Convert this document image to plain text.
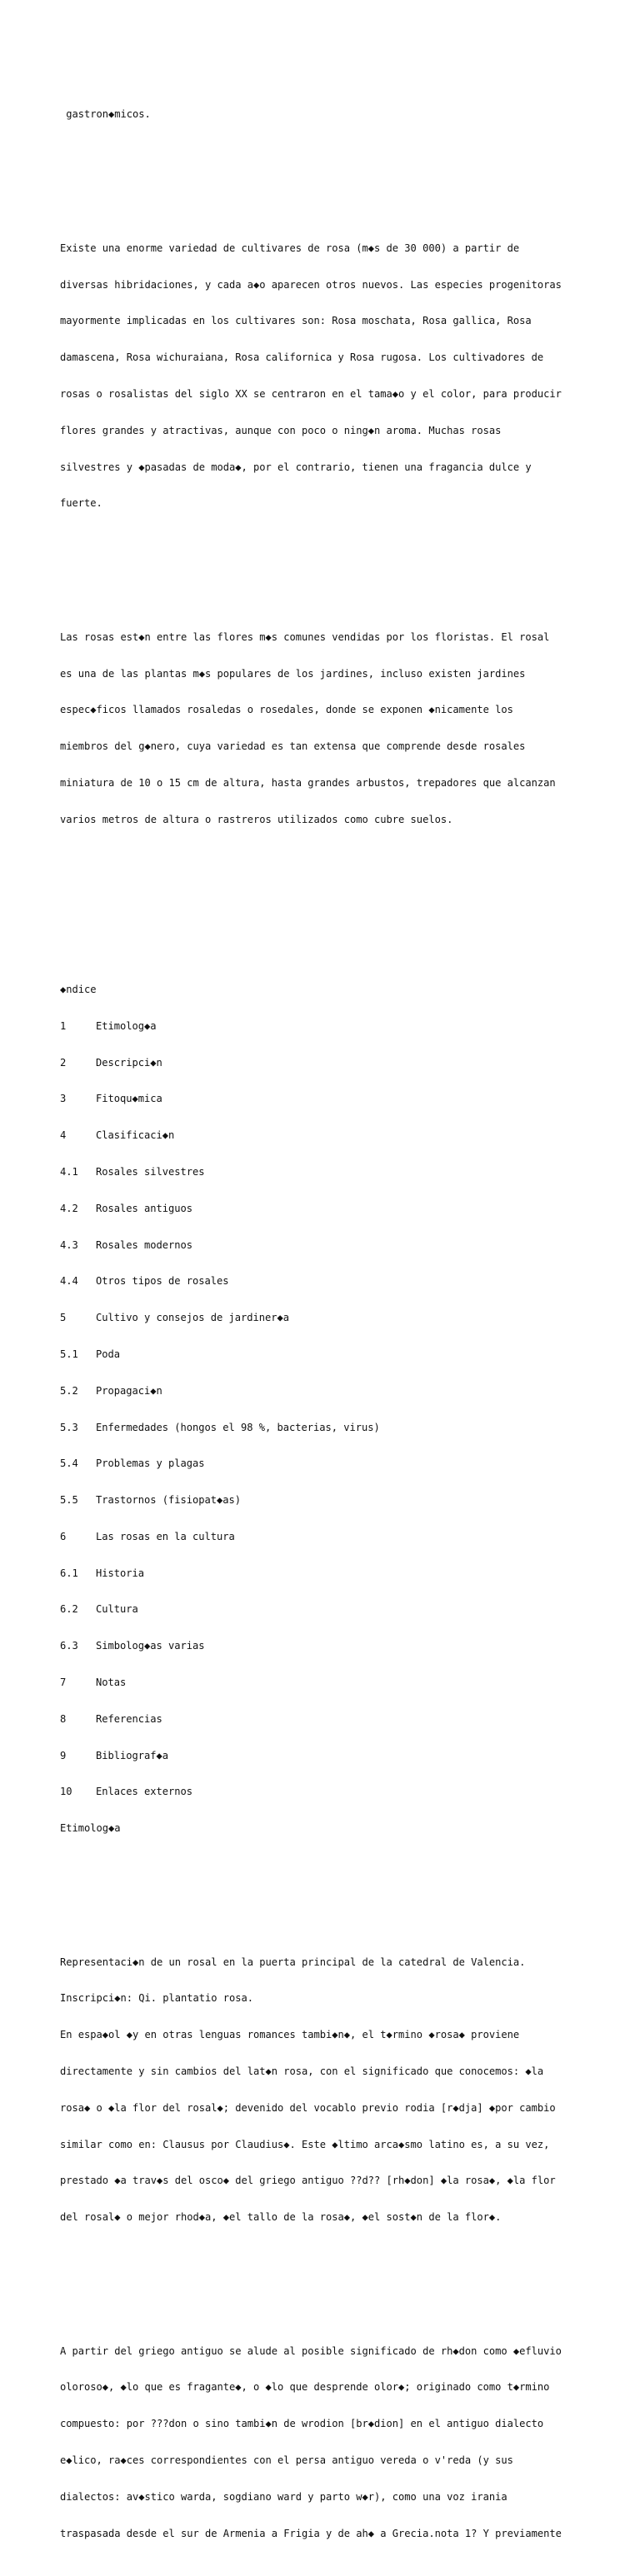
gastron◆micos.

Existe una enorme variedad de cultivares de rosa (m◆s de 30 000) a partir de

diversas hibridaciones, y cada a◆o aparecen otros nuevos. Las especies progenitoras

mayormente implicadas en los cultivares son: Rosa moschata, Rosa gallica, Rosa

damascena, Rosa wichuraiana, Rosa californica y Rosa rugosa. Los cultivadores de

rosas o rosalistas del siglo XX se centraron en el tama◆o y el color, para producir

flores grandes y atractivas, aunque con poco o ning◆n aroma. Muchas rosas

silvestres y ◆pasadas de moda◆, por el contrario, tienen una fragancia dulce y

fuerte.

Las rosas est◆n entre las flores m◆s comunes vendidas por los floristas. El rosal

es una de las plantas m◆s populares de los jardines, incluso existen jardines

espec◆ficos llamados rosaledas o rosedales, donde se exponen ◆nicamente los

miembros del g◆nero, cuya variedad es tan extensa que comprende desde rosales

miniatura de 10 o 15 cm de altura, hasta grandes arbustos, trepadores que alcanzan

varios metros de altura o rastreros utilizados como cubre suelos.

◆ndice

1	Etimolog◆a

2	Descripci◆n

3	Fitoqu◆mica

4	Clasificaci◆n

4.1 Rosales silvestres

4.2 Rosales antiguos

4.3 Rosales modernos

4.4 Otros tipos de rosales

5	Cultivo y consejos de jardiner◆a

5.1 Poda

5.2 Propagaci◆n

5.3 Enfermedades (hongos el 98 %, bacterias, virus)

5.4 Problemas y plagas

5.5 Trastornos (fisiopat◆as)

6	Las rosas en la cultura

6.1 Historia

6.2 Cultura

6.3 Simbolog◆as varias

7	Notas

8	Referencias

9	Bibliograf◆a

10 Enlaces externos

Etimolog◆a

Representaci◆n de un rosal en la puerta principal de la catedral de Valencia.

Inscripci◆n: Qi. plantatio rosa.

En espa◆ol ◆y en otras lenguas romances tambi◆n◆, el t◆rmino ◆rosa◆ proviene

directamente y sin cambios del lat◆n rosa, con el significado que conocemos: ◆la

rosa◆ o ◆la flor del rosal◆; devenido del vocablo previo rodia [r◆dja] ◆por cambio

similar como en: Clausus por Claudius◆. Este ◆ltimo arca◆smo latino es, a su vez,

prestado ◆a trav◆s del osco◆ del griego antiguo ??d?? [rh◆don] ◆la rosa◆, ◆la flor

del rosal◆ o mejor rhod◆a, ◆el tallo de la rosa◆, ◆el sost◆n de la flor◆.

A partir del griego antiguo se alude al posible significado de rh◆don como ◆efluvio

oloroso◆, ◆lo que es fragante◆, o ◆lo que desprende olor◆; originado como t◆rmino

compuesto: por ???don o sino tambi◆n de wrodion [br◆dion] en el antiguo dialecto

e◆lico, ra◆ces correspondientes con el persa antiguo vereda o v'reda (y sus

dialectos: av◆stico warda, sogdiano ward y parto w◆r), como una voz irania

traspasada desde el sur de Armenia a Frigia y de ah◆ a Grecia.nota 1? Y previamente
